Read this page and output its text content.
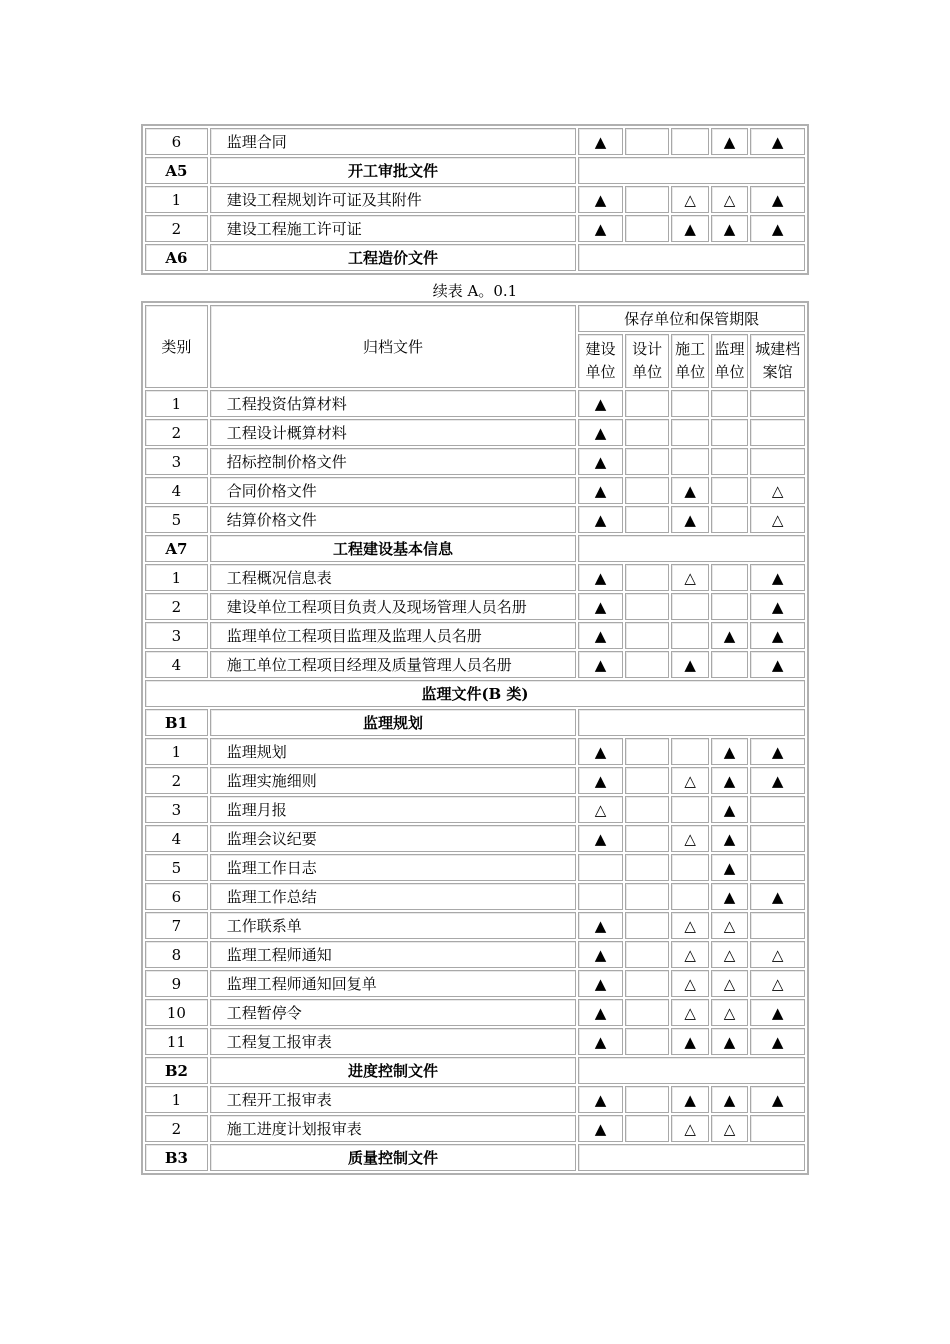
6	监理合同	▲			▲	▲
A5	开工审批文件					
1	建设工程规划许可证及其附件	▲		△	△	▲
2	建设工程施工许可证	▲		▲	▲	▲
A6	工程造价文件					
续表 A。0.1
类别	归档文件	保存单位和保管期限				
		建设单位	设计单位	施工单位	监理单位	城建档案馆
1	工程投资估算材料	▲				
2	工程设计概算材料	▲				
3	招标控制价格文件	▲				
4	合同价格文件	▲		▲		△
5	结算价格文件	▲		▲		△
A7	工程建设基本信息					
1	工程概况信息表	▲		△		▲
2	建设单位工程项目负责人及现场管理人员名册	▲				▲
3	监理单位工程项目监理及监理人员名册	▲			▲	▲
4	施工单位工程项目经理及质量管理人员名册	▲		▲		▲
监理文件(B 类)						
B1	监理规划					
1	监理规划	▲			▲	▲
2	监理实施细则	▲		△	▲	▲
3	监理月报	△			▲	
4	监理会议纪要	▲		△	▲	
5	监理工作日志				▲	
6	监理工作总结				▲	▲
7	工作联系单	▲		△	△	
8	监理工程师通知	▲		△	△	△
9	监理工程师通知回复单	▲		△	△	△
10	工程暂停令	▲		△	△	▲
11	工程复工报审表	▲		▲	▲	▲
B2	进度控制文件					
1	工程开工报审表	▲		▲	▲	▲
2	施工进度计划报审表	▲		△	△	
B3	质量控制文件					
